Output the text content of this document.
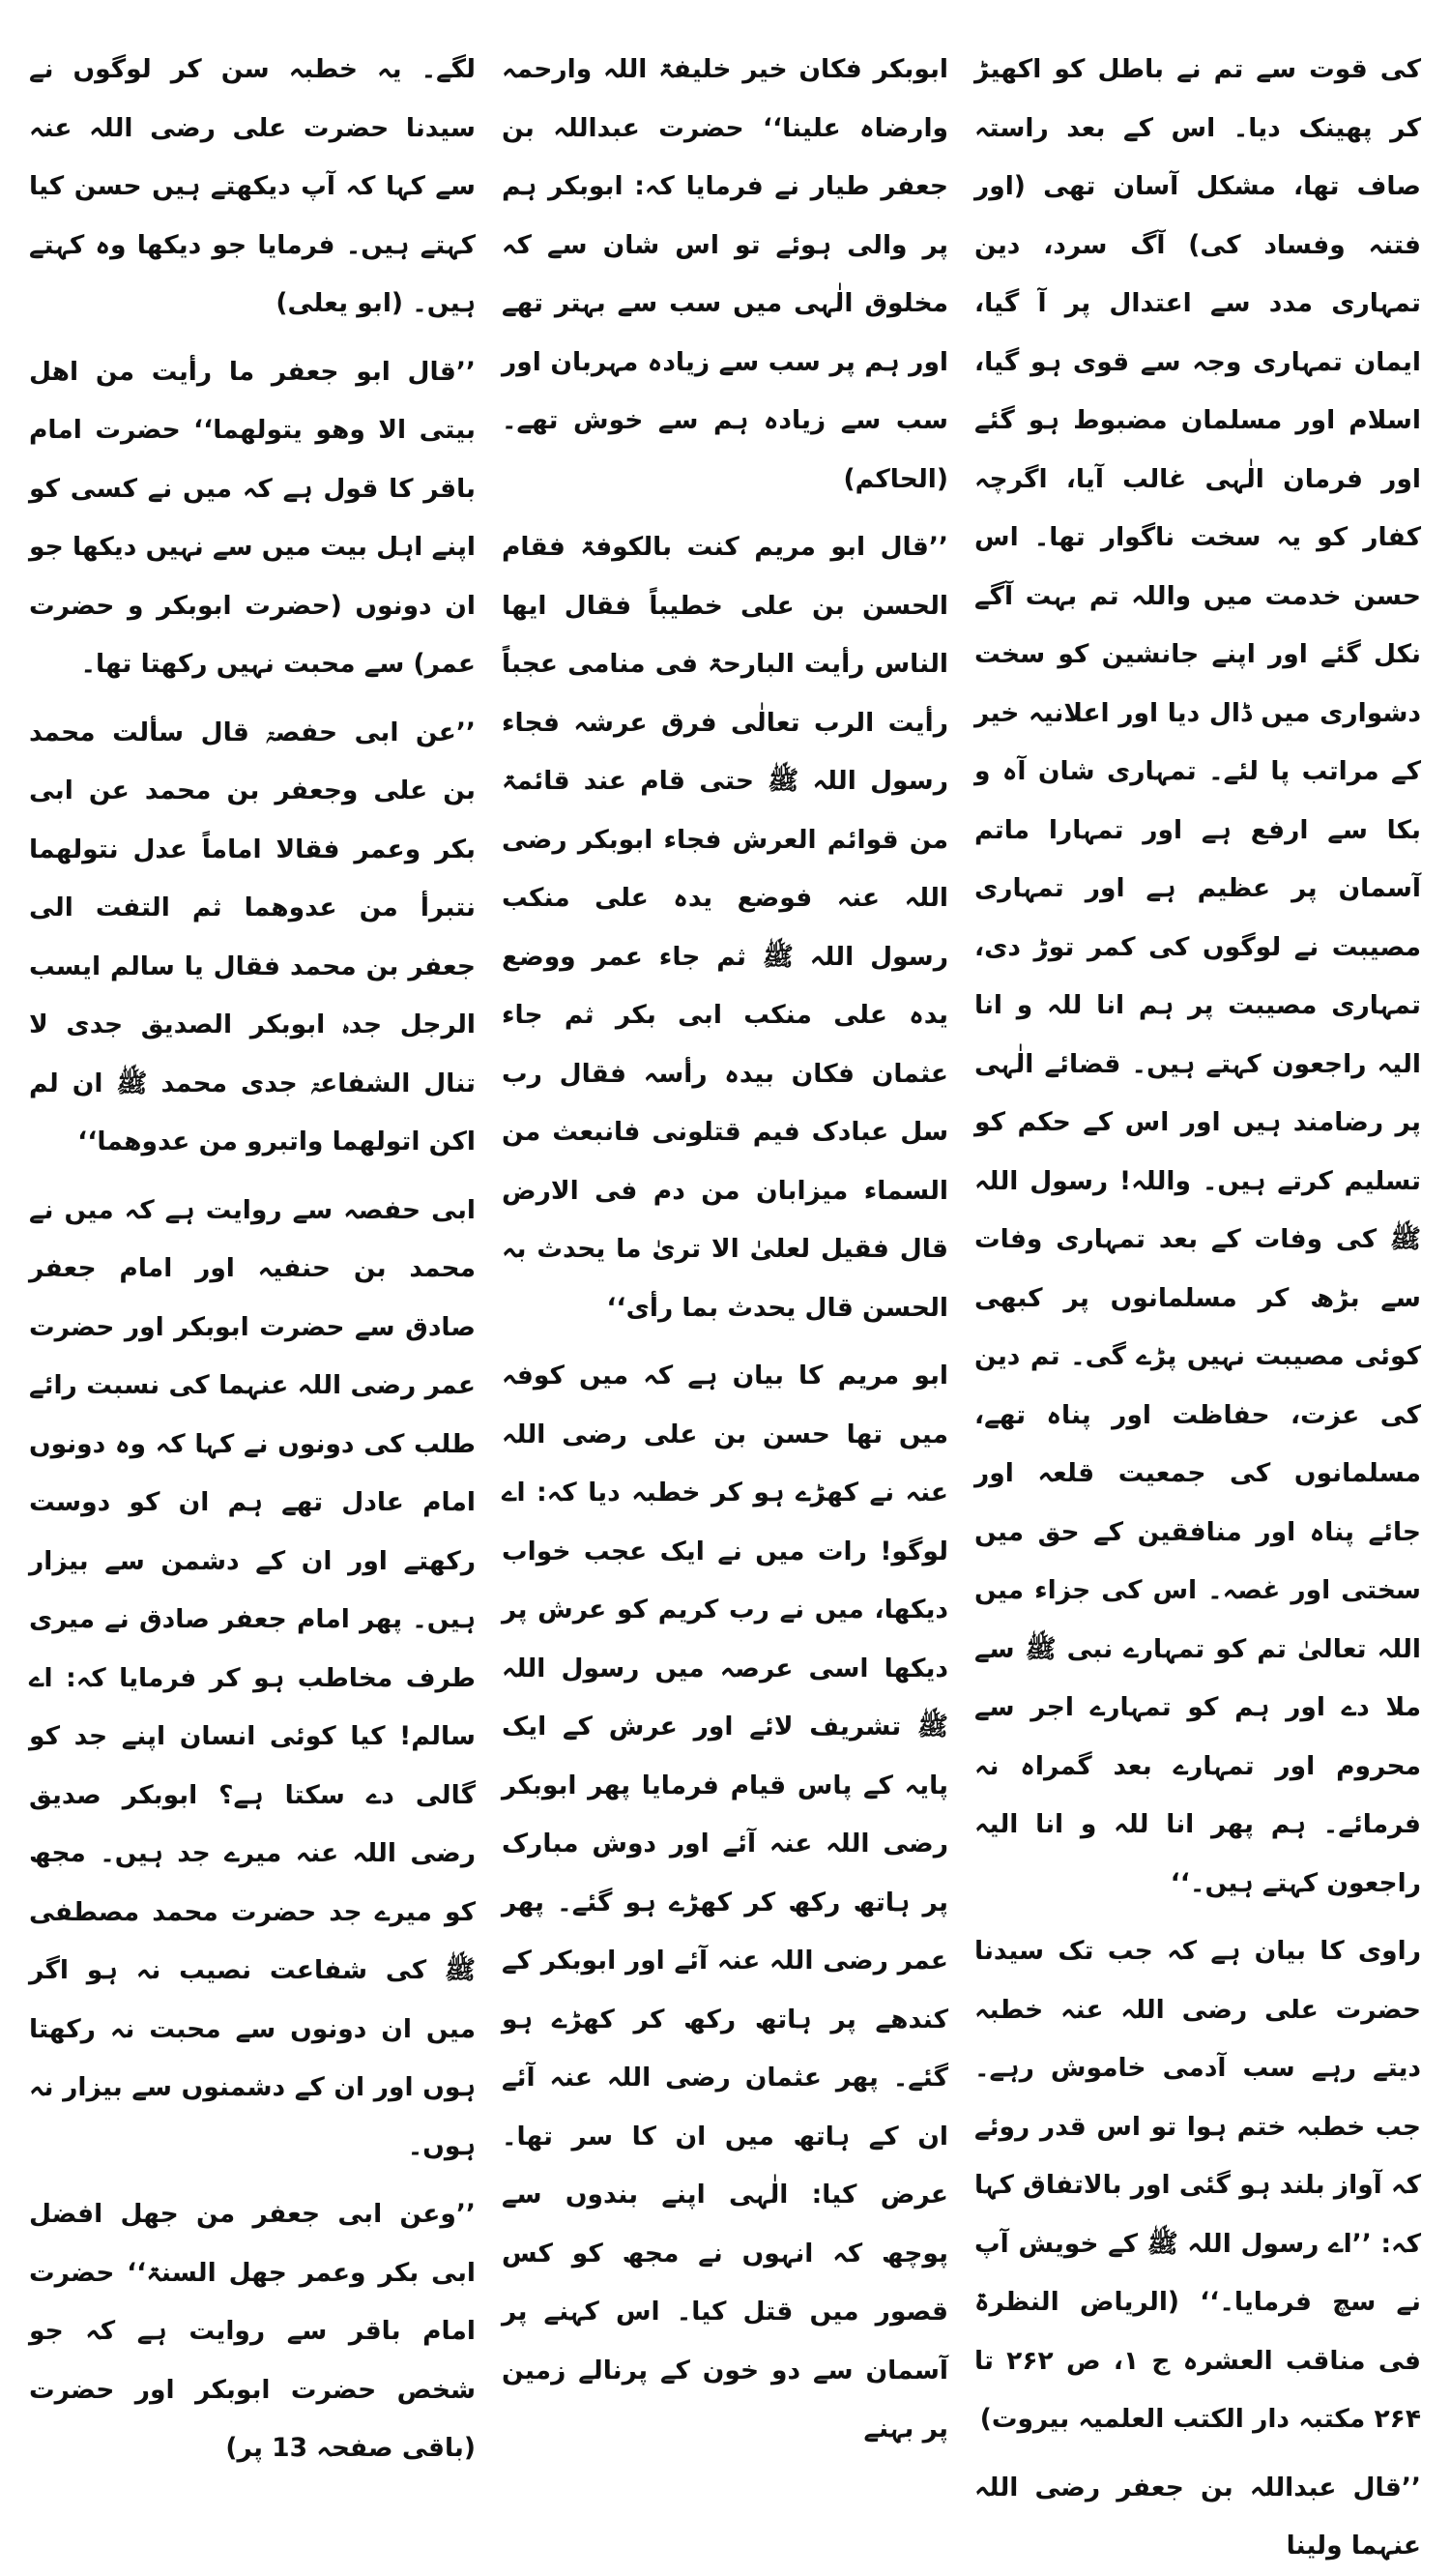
کی قوت سے تم نے باطل کو اکھیڑ کر پھینک دیا۔ اس کے بعد راستہ صاف تھا، مشکل آسان تھی (اور فتنہ وفساد کی) آگ سرد، دین تمہاری مدد سے اعتدال پر آ گیا، ایمان تمہاری وجہ سے قوی ہو گیا، اسلام اور مسلمان مضبوط ہو گئے اور فرمان الٰہی غالب آیا، اگرچہ کفار کو یہ سخت ناگوار تھا۔ اس حسن خدمت میں واللہ تم بہت آگے نکل گئے اور اپنے جانشین کو سخت دشواری میں ڈال دیا اور اعلانیہ خیر کے مراتب پا لئے۔ تمہاری شان آہ و بکا سے ارفع ہے اور تمہارا ماتم آسمان پر عظیم ہے اور تمہاری مصیبت نے لوگوں کی کمر توڑ دی، تمہاری مصیبت پر ہم انا للہ و انا الیہ راجعون کہتے ہیں۔ قضائے الٰہی پر رضامند ہیں اور اس کے حکم کو تسلیم کرتے ہیں۔ واللہ! رسول اللہ ﷺ کی وفات کے بعد تمہاری وفات سے بڑھ کر مسلمانوں پر کبھی کوئی مصیبت نہیں پڑے گی۔ تم دین کی عزت، حفاظت اور پناہ تھے، مسلمانوں کی جمعیت قلعہ اور جائے پناہ اور منافقین کے حق میں سختی اور غصہ۔ اس کی جزاء میں اللہ تعالیٰ تم کو تمہارے نبی ﷺ سے ملا دے اور ہم کو تمہارے اجر سے محروم اور تمہارے بعد گمراہ نہ فرمائے۔ ہم پھر انا للہ و انا الیہ راجعون کہتے ہیں۔‘‘

راوی کا بیان ہے کہ جب تک سیدنا حضرت علی رضی اللہ عنہ خطبہ دیتے رہے سب آدمی خاموش رہے۔ جب خطبہ ختم ہوا تو اس قدر روئے کہ آواز بلند ہو گئی اور بالاتفاق کہا کہ: ’’اے رسول اللہ ﷺ کے خویش آپ نے سچ فرمایا۔‘‘ (الریاض النظرۃ فی مناقب العشرہ ج ۱، ص ۲۶۲ تا ۲۶۴ مکتبہ دار الکتب العلمیہ بیروت)

’’قال عبداللہ بن جعفر رضی اللہ عنہما ولینا

ابوبکر فکان خیر خلیفۃ اللہ وارحمہ وارضاہ علینا‘‘ حضرت عبداللہ بن جعفر طیار نے فرمایا کہ: ابوبکر ہم پر والی ہوئے تو اس شان سے کہ مخلوق الٰہی میں سب سے بہتر تھے اور ہم پر سب سے زیادہ مہربان اور سب سے زیادہ ہم سے خوش تھے۔ (الحاکم)

’’قال ابو مریم کنت بالکوفۃ فقام الحسن بن علی خطیباً فقال ایھا الناس رأیت البارحۃ فی منامی عجباً رأیت الرب تعالٰی فرق عرشہ فجاء رسول اللہ ﷺ حتی قام عند قائمۃ من قوائم العرش فجاء ابوبکر رضی اللہ عنہ فوضع یدہ علی منکب رسول اللہ ﷺ ثم جاء عمر ووضع یدہ علی منکب ابی بکر ثم جاء عثمان فکان بیدہ رأسہ فقال رب سل عبادک فیم قتلونی فانبعث من السماء میزابان من دم فی الارض قال فقیل لعلیٰ الا تریٰ ما یحدث بہ الحسن قال یحدث بما رأی‘‘

ابو مریم کا بیان ہے کہ میں کوفہ میں تھا حسن بن علی رضی اللہ عنہ نے کھڑے ہو کر خطبہ دیا کہ: اے لوگو! رات میں نے ایک عجب خواب دیکھا، میں نے رب کریم کو عرش پر دیکھا اسی عرصہ میں رسول اللہ ﷺ تشریف لائے اور عرش کے ایک پایہ کے پاس قیام فرمایا پھر ابوبکر رضی اللہ عنہ آئے اور دوش مبارک پر ہاتھ رکھ کر کھڑے ہو گئے۔ پھر عمر رضی اللہ عنہ آئے اور ابوبکر کے کندھے پر ہاتھ رکھ کر کھڑے ہو گئے۔ پھر عثمان رضی اللہ عنہ آئے ان کے ہاتھ میں ان کا سر تھا۔ عرض کیا: الٰہی اپنے بندوں سے پوچھ کہ انہوں نے مجھ کو کس قصور میں قتل کیا۔ اس کہنے پر آسمان سے دو خون کے پرنالے زمین پر بہنے

لگے۔ یہ خطبہ سن کر لوگوں نے سیدنا حضرت علی رضی اللہ عنہ سے کہا کہ آپ دیکھتے ہیں حسن کیا کہتے ہیں۔ فرمایا جو دیکھا وہ کہتے ہیں۔ (ابو یعلی)

’’قال ابو جعفر ما رأیت من اھل بیتی الا وھو یتولھما‘‘ حضرت امام باقر کا قول ہے کہ میں نے کسی کو اپنے اہل بیت میں سے نہیں دیکھا جو ان دونوں (حضرت ابوبکر و حضرت عمر) سے محبت نہیں رکھتا تھا۔

’’عن ابی حفصۃ قال سألت محمد بن علی وجعفر بن محمد عن ابی بکر وعمر فقالا اماماً عدل نتولھما نتبرأ من عدوھما ثم التفت الی جعفر بن محمد فقال یا سالم ایسب الرجل جدہ ابوبکر الصدیق جدی لا تنال الشفاعۃ جدی محمد ﷺ ان لم اکن اتولھما واتبرو من عدوھما‘‘

ابی حفصہ سے روایت ہے کہ میں نے محمد بن حنفیہ اور امام جعفر صادق سے حضرت ابوبکر اور حضرت عمر رضی اللہ عنہما کی نسبت رائے طلب کی دونوں نے کہا کہ وہ دونوں امام عادل تھے ہم ان کو دوست رکھتے اور ان کے دشمن سے بیزار ہیں۔ پھر امام جعفر صادق نے میری طرف مخاطب ہو کر فرمایا کہ: اے سالم! کیا کوئی انسان اپنے جد کو گالی دے سکتا ہے؟ ابوبکر صدیق رضی اللہ عنہ میرے جد ہیں۔ مجھ کو میرے جد حضرت محمد مصطفی ﷺ کی شفاعت نصیب نہ ہو اگر میں ان دونوں سے محبت نہ رکھتا ہوں اور ان کے دشمنوں سے بیزار نہ ہوں۔

’’وعن ابی جعفر من جھل افضل ابی بکر وعمر جھل السنۃ‘‘ حضرت امام باقر سے روایت ہے کہ جو شخص حضرت ابوبکر اور حضرت (باقی صفحہ 13 پر)
